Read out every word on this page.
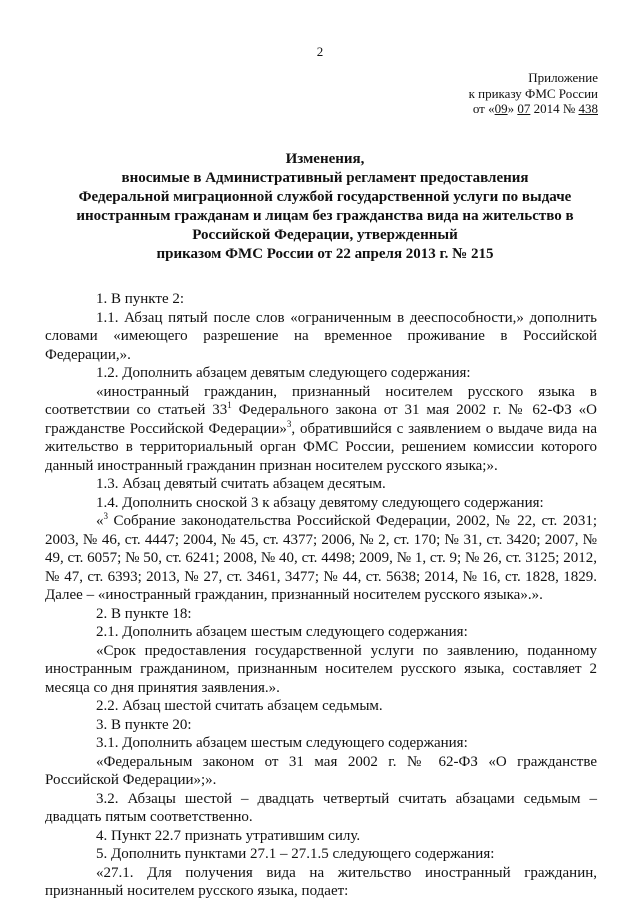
2
Приложение
к приказу ФМС России
от «09» 07 2014 № 438
Изменения,
вносимые в Административный регламент предоставления
Федеральной миграционной службой государственной услуги по выдаче
иностранным гражданам и лицам без гражданства вида на жительство в
Российской Федерации, утвержденный
приказом ФМС России от 22 апреля 2013 г. № 215

1. В пункте 2:

1.1. Абзац пятый после слов «ограниченным в дееспособности,» дополнить словами «имеющего разрешение на временное проживание в Российской Федерации,».

1.2. Дополнить абзацем девятым следующего содержания:

«иностранный гражданин, признанный носителем русского языка в соответствии со статьей $33^1$ Федерального закона от 31 мая 2002 г. № 62-ФЗ «О гражданстве Российской Федерации»$^3$, обратившийся с заявлением о выдаче вида на жительство в территориальный орган ФМС России, решением комиссии которого данный иностранный гражданин признан носителем русского языка;».

1.3. Абзац девятый считать абзацем десятым.

1.4. Дополнить сноской 3 к абзацу девятому следующего содержания:

«$^3$ Собрание законодательства Российской Федерации, 2002, № 22, ст. 2031; 2003, № 46, ст. 4447; 2004, № 45, ст. 4377; 2006, № 2, ст. 170; № 31, ст. 3420; 2007, № 49, ст. 6057; № 50, ст. 6241; 2008, № 40, ст. 4498; 2009, № 1, ст. 9; № 26, ст. 3125; 2012, № 47, ст. 6393; 2013, № 27, ст. 3461, 3477; № 44, ст. 5638; 2014, № 16, ст. 1828, 1829. Далее – «иностранный гражданин, признанный носителем русского языка».».

2. В пункте 18:

2.1. Дополнить абзацем шестым следующего содержания:

«Срок предоставления государственной услуги по заявлению, поданному иностранным гражданином, признанным носителем русского языка, составляет 2 месяца со дня принятия заявления.».

2.2. Абзац шестой считать абзацем седьмым.

3. В пункте 20:

3.1. Дополнить абзацем шестым следующего содержания:

«Федеральным законом от 31 мая 2002 г. № 62-ФЗ «О гражданстве Российской Федерации»;».

3.2. Абзацы шестой – двадцать четвертый считать абзацами седьмым – двадцать пятым соответственно.

4. Пункт 22.7 признать утратившим силу.

5. Дополнить пунктами 27.1 – 27.1.5 следующего содержания:

«27.1. Для получения вида на жительство иностранный гражданин, признанный носителем русского языка, подает:
